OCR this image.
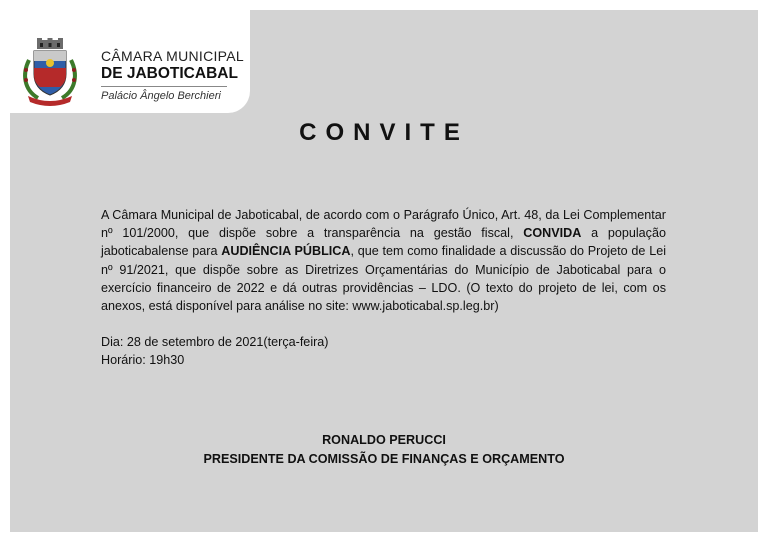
CÂMARA MUNICIPAL
DE JABOTICABAL
Palácio Ângelo Berchieri
CONVITE
A Câmara Municipal de Jaboticabal, de acordo com o Parágrafo Único, Art. 48, da Lei Complementar nº 101/2000, que dispõe sobre a transparência na gestão fiscal, CONVIDA a população jaboticabalense para AUDIÊNCIA PÚBLICA, que tem como finalidade a discussão do Projeto de Lei nº 91/2021, que dispõe sobre as Diretrizes Orçamentárias do Município de Jaboticabal para o exercício financeiro de 2022 e dá outras providências – LDO. (O texto do projeto de lei, com os anexos, está disponível para análise no site: www.jaboticabal.sp.leg.br)
Dia: 28 de setembro de 2021(terça-feira)
Horário: 19h30
RONALDO PERUCCI
PRESIDENTE DA COMISSÃO DE FINANÇAS E ORÇAMENTO
